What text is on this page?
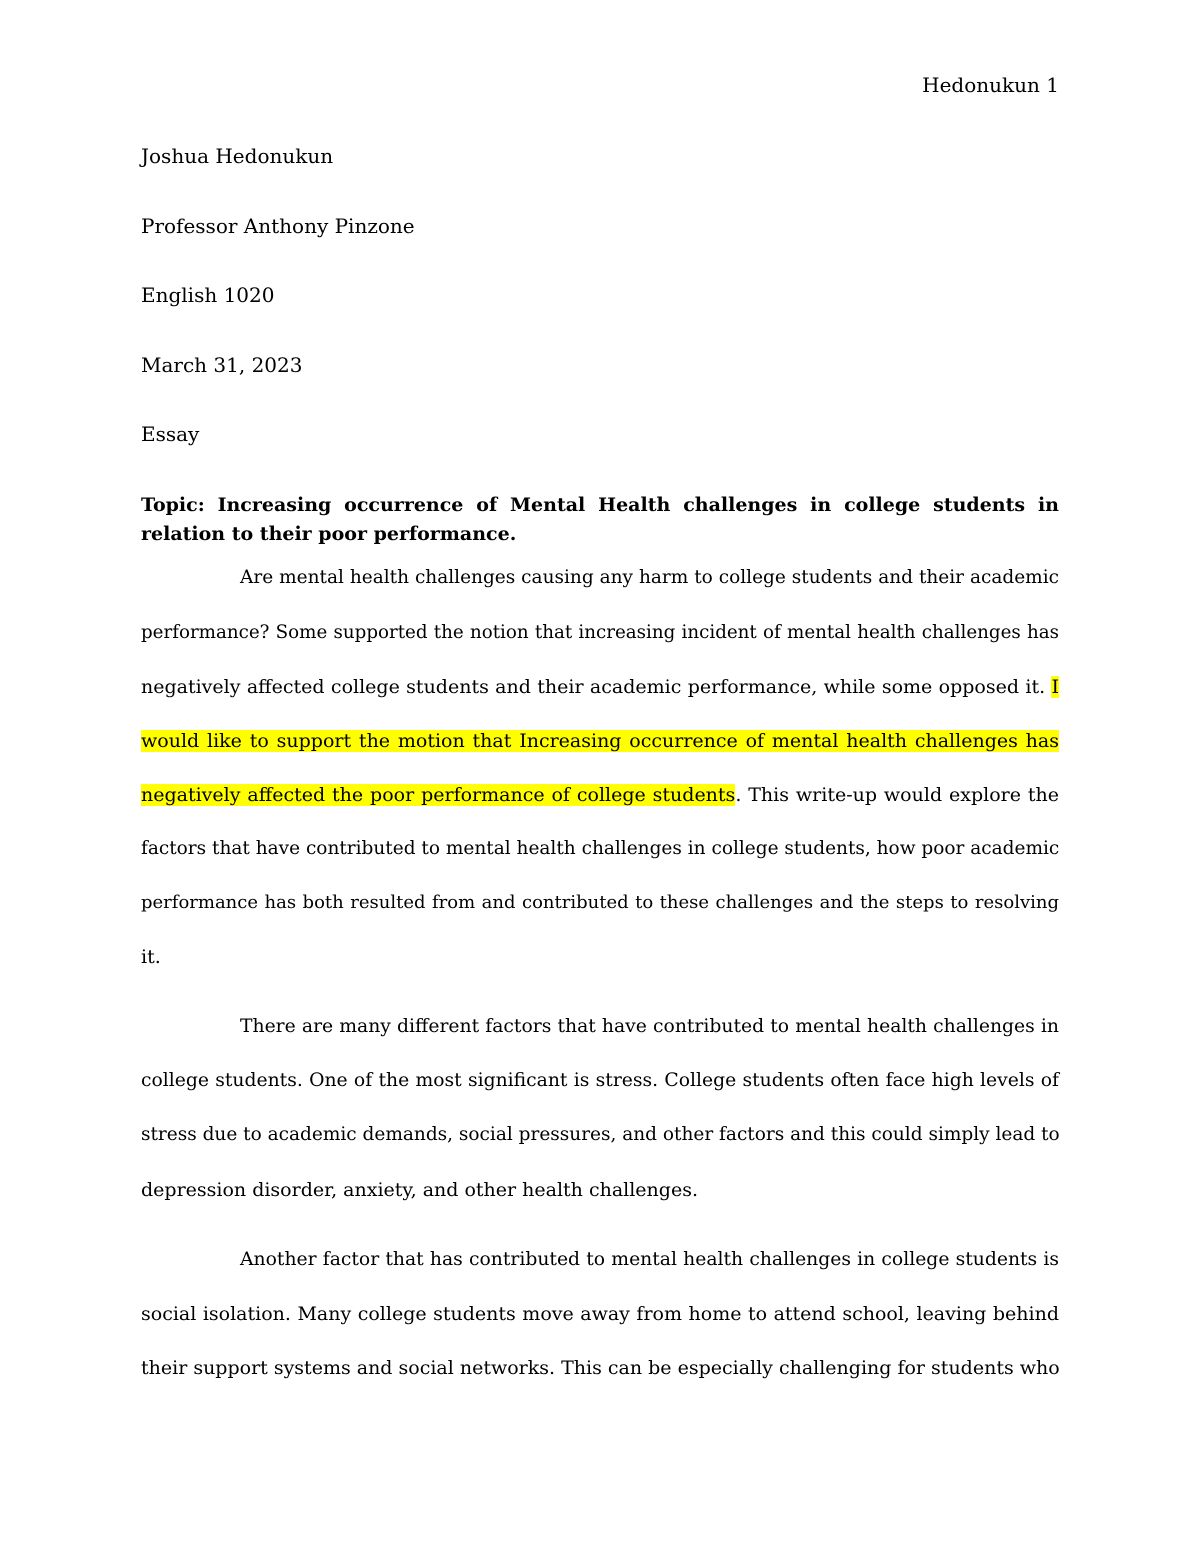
Hedonukun 1
Joshua Hedonukun
Professor Anthony Pinzone
English 1020
March 31, 2023
Essay
Topic: Increasing occurrence of Mental Health challenges in college students in relation to their poor performance.
Are mental health challenges causing any harm to college students and their academic
performance? Some supported the notion that increasing incident of mental health challenges has
negatively affected college students and their academic performance, while some opposed it. I
would like to support the motion that Increasing occurrence of mental health challenges has
negatively affected the poor performance of college students. This write-up would explore the
factors that have contributed to mental health challenges in college students, how poor academic
performance has both resulted from and contributed to these challenges and the steps to resolving
it.
There are many different factors that have contributed to mental health challenges in
college students. One of the most significant is stress. College students often face high levels of
stress due to academic demands, social pressures, and other factors and this could simply lead to
depression disorder, anxiety, and other health challenges.
Another factor that has contributed to mental health challenges in college students is
social isolation. Many college students move away from home to attend school, leaving behind
their support systems and social networks. This can be especially challenging for students who
